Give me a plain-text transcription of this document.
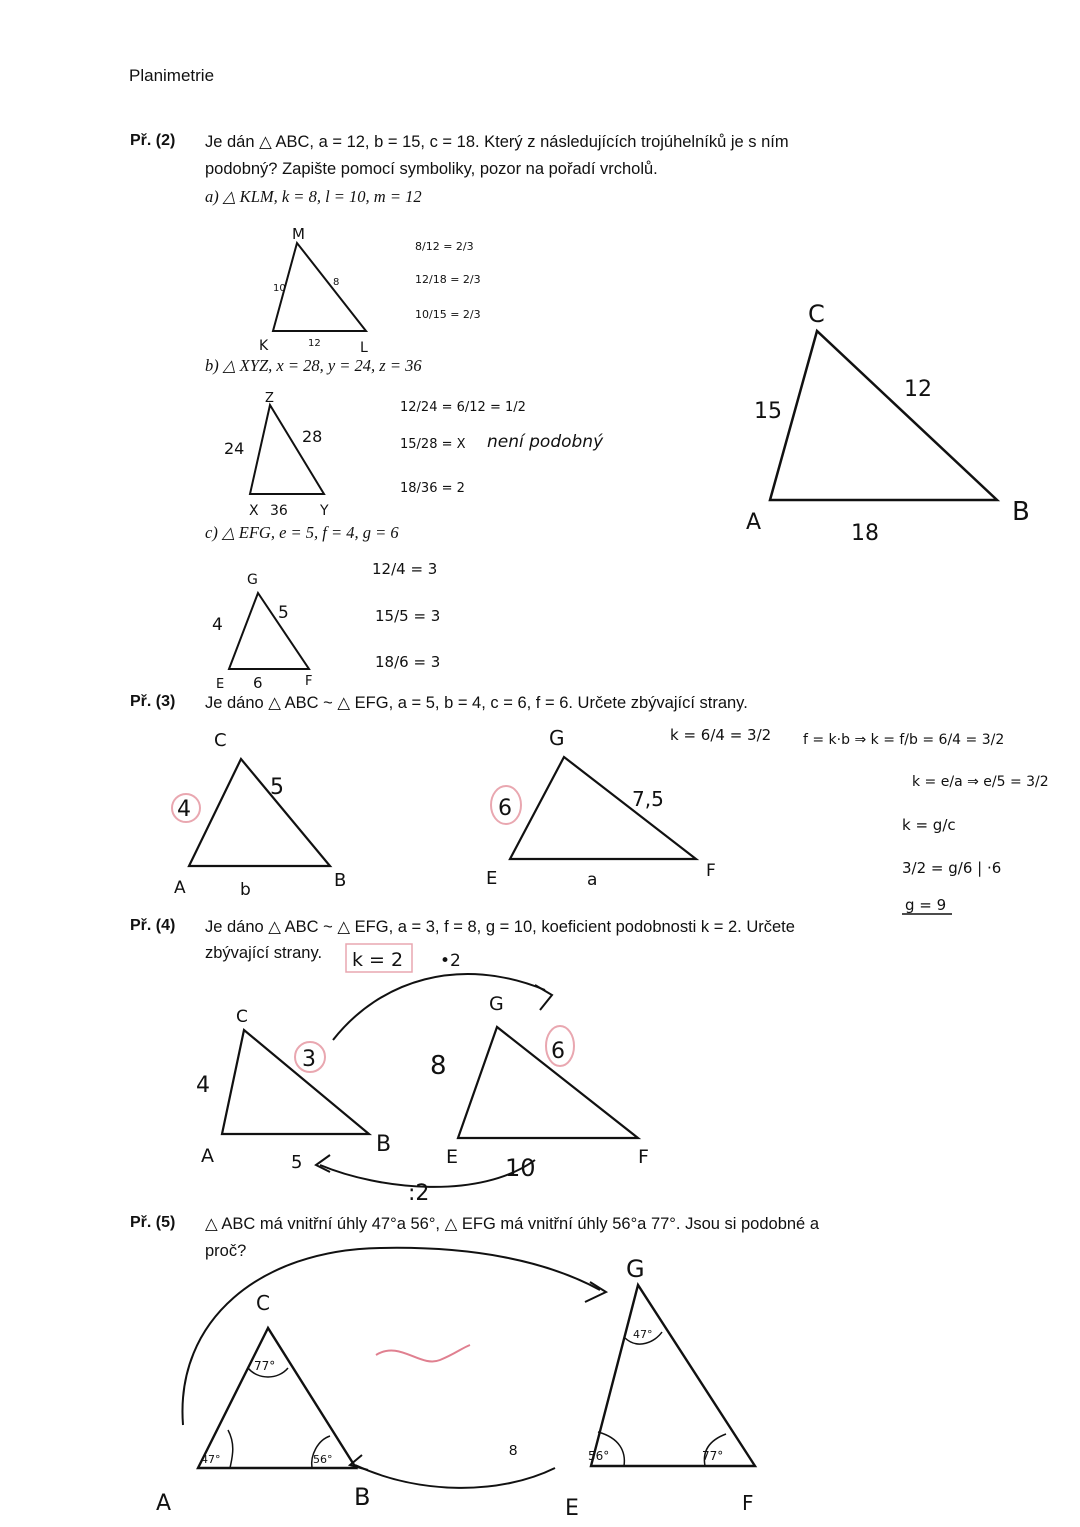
Planimetrie
Př. (2) Je dán △ ABC, a = 12, b = 15, c = 18. Který z následujících trojúhelníků je s ním
podobný? Zapište pomocí symboliky, pozor na pořadí vrcholů.
a) △ KLM, k = 8, l = 10, m = 12
b) △ XYZ, x = 28, y = 24, z = 36
c) △ EFG, e = 5, f = 4, g = 6
Př. (3) Je dáno △ ABC ~ △ EFG, a = 5, b = 4, c = 6, f = 6. Určete zbývající strany.
Př. (4) Je dáno △ ABC ~ △ EFG, a = 3, f = 8, g = 10, koeficient podobnosti k = 2. Určete
zbývající strany.
Př. (5) △ ABC má vnitřní úhly 47°a 56°, △ EFG má vnitřní úhly 56°a 77°. Jsou si podobné a
proč?
8
M
K	L
10
8
12
8/12 = 2/3
12/18 = 2/3
10/15 = 2/3
Z
24
28
X 36 Y
12/24 = 6/12 = 1/2
15/28 = X
18/36 = 2
není podobný
G
4
5
E 6	F
12/4 = 3
15/5 = 3
18/6 = 3
C
A	B
15
12
18
C
4
5
A	b	B
G
6	7,5
E	a	F
k = 6/4 = 3/2 f = k·b ⇒ k = f/b = 6/4 = 3/2
k = e/a ⇒ e/5 = 3/2
k = g/c
3/2 = g/6 | ·6
g = 9
k = 2 •2
C
4
3
A	5
B
G
8	6
E 10	F
:2
C
77°
47°	56°
A	B
G
47°
56°	77°
E	F
